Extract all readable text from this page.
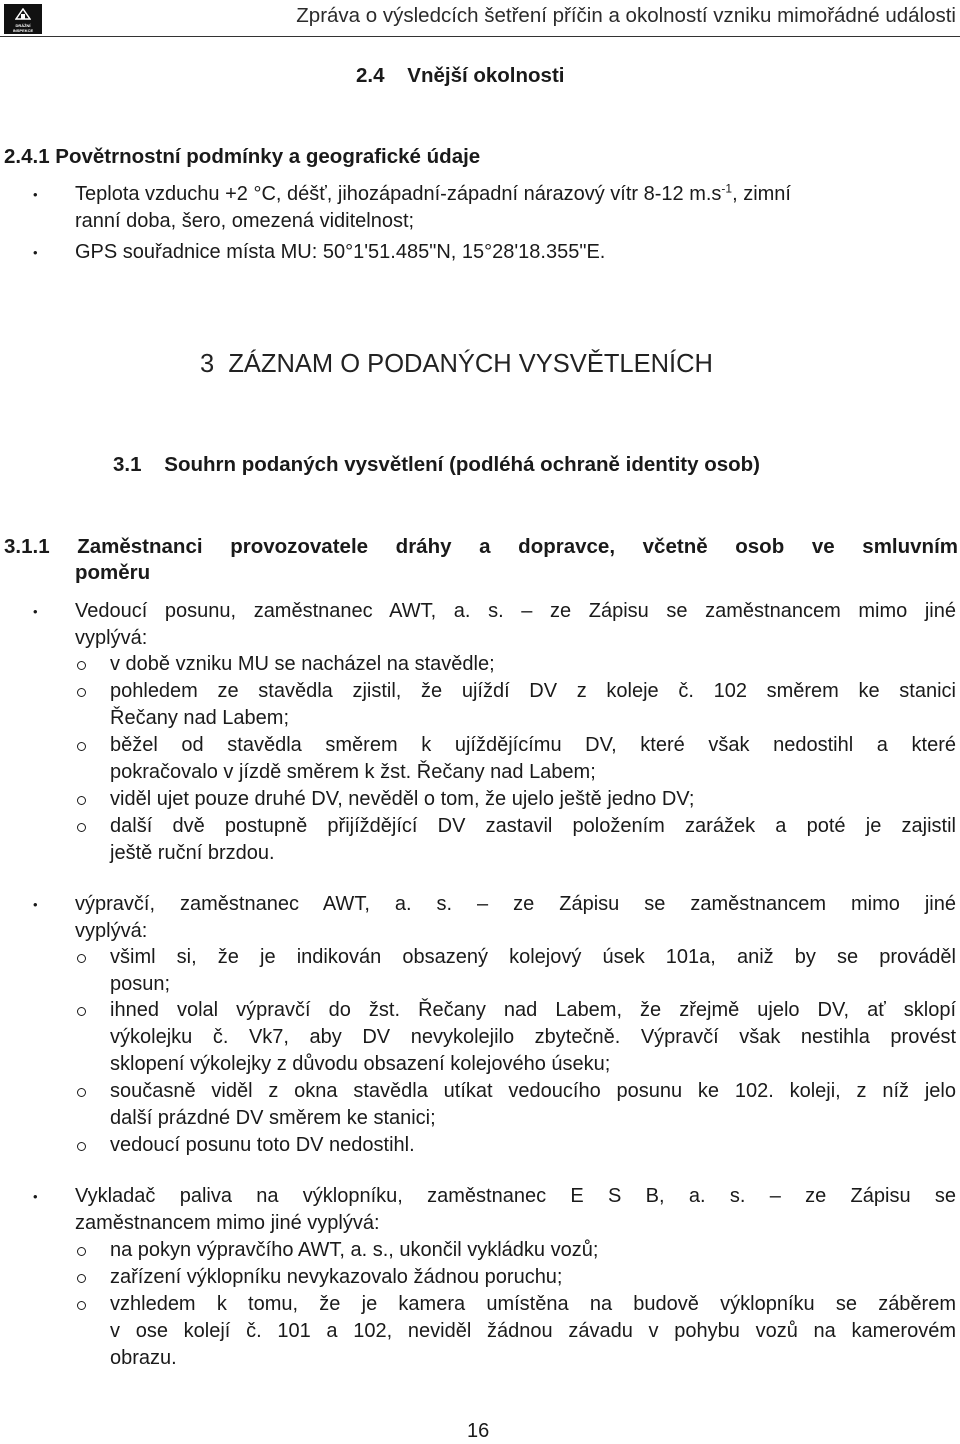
DRÁŽNÍ
INSPEKCE
Zpráva o výsledcích šetření příčin a okolností vzniku mimořádné události
2.4    Vnější okolnosti
2.4.1 Povětrnostní podmínky a geografické údaje
• Teplota vzduchu +2 °C, déšť, jihozápadní-západní nárazový vítr 8-12 $m.s^{-1}$, zimní
ranní doba, šero, omezená viditelnost;
• GPS souřadnice místa MU: 50°1'51.485"N, 15°28'18.355"E.
3  ZÁZNAM O PODANÝCH VYSVĚTLENÍCH
3.1    Souhrn podaných vysvětlení (podléhá ochraně identity osob)
3.1.1 Zaměstnanci provozovatele dráhy a dopravce, včetně osob ve smluvním
poměru
• Vedoucí posunu, zaměstnanec AWT, a. s. – ze Zápisu se zaměstnancem mimo jiné
vyplývá:
v době vzniku MU se nacházel na stavědle;
pohledem ze stavědla zjistil, že ujíždí DV z koleje č. 102 směrem ke stanici
Řečany nad Labem;
běžel od stavědla směrem k ujíždějícímu DV, které však nedostihl a které
pokračovalo v jízdě směrem k žst. Řečany nad Labem;
viděl ujet pouze druhé DV, nevěděl o tom, že ujelo ještě jedno DV;
další dvě postupně přijíždějící DV zastavil položením zarážek a poté je zajistil
ještě ruční brzdou.
• výpravčí, zaměstnanec AWT, a. s. – ze Zápisu se zaměstnancem mimo jiné
vyplývá:
všiml si, že je indikován obsazený kolejový úsek 101a, aniž by se prováděl
posun;
ihned volal výpravčí do žst. Řečany nad Labem, že zřejmě ujelo DV, ať sklopí
výkolejku č. Vk7, aby DV nevykolejilo zbytečně. Výpravčí však nestihla provést
sklopení výkolejky z důvodu obsazení kolejového úseku;
současně viděl z okna stavědla utíkat vedoucího posunu ke 102. koleji, z níž jelo
další prázdné DV směrem ke stanici;
vedoucí posunu toto DV nedostihl.
• Vykladač paliva na výklopníku, zaměstnanec E S B, a. s. – ze Zápisu se
zaměstnancem mimo jiné vyplývá:
na pokyn výpravčího AWT, a. s., ukončil vykládku vozů;
zařízení výklopníku nevykazovalo žádnou poruchu;
vzhledem k tomu, že je kamera umístěna na budově výklopníku se záběrem
v ose kolejí č. 101 a 102, neviděl žádnou závadu v pohybu vozů na kamerovém
obrazu.
16
